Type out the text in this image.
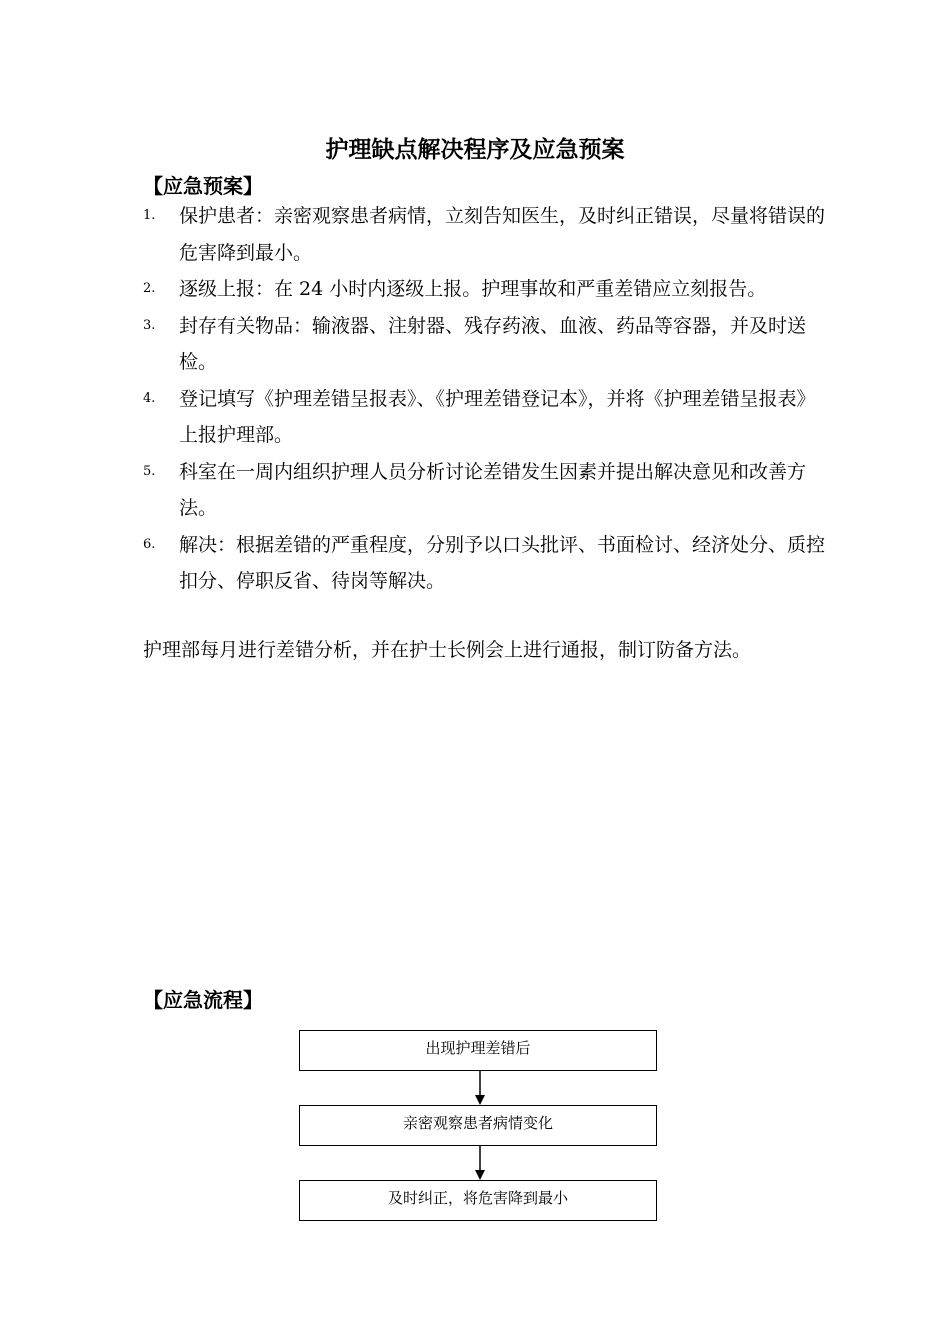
护理缺点解决程序及应急预案
【应急预案】
1.	保护患者：亲密观察患者病情，立刻告知医生，及时纠正错误，尽量将错误的危害降到最小。
2.	逐级上报：在 24 小时内逐级上报。护理事故和严重差错应立刻报告。
3.	封存有关物品：输液器、注射器、残存药液、血液、药品等容器，并及时送检。
4.	登记填写《护理差错呈报表》、《护理差错登记本》，并将《护理差错呈报表》上报护理部。
5.	科室在一周内组织护理人员分析讨论差错发生因素并提出解决意见和改善方法。
6.	解决：根据差错的严重程度，分别予以口头批评、书面检讨、经济处分、质控扣分、停职反省、待岗等解决。
护理部每月进行差错分析，并在护士长例会上进行通报，制订防备方法。
【应急流程】
出现护理差错后
亲密观察患者病情变化
及时纠正，将危害降到最小
